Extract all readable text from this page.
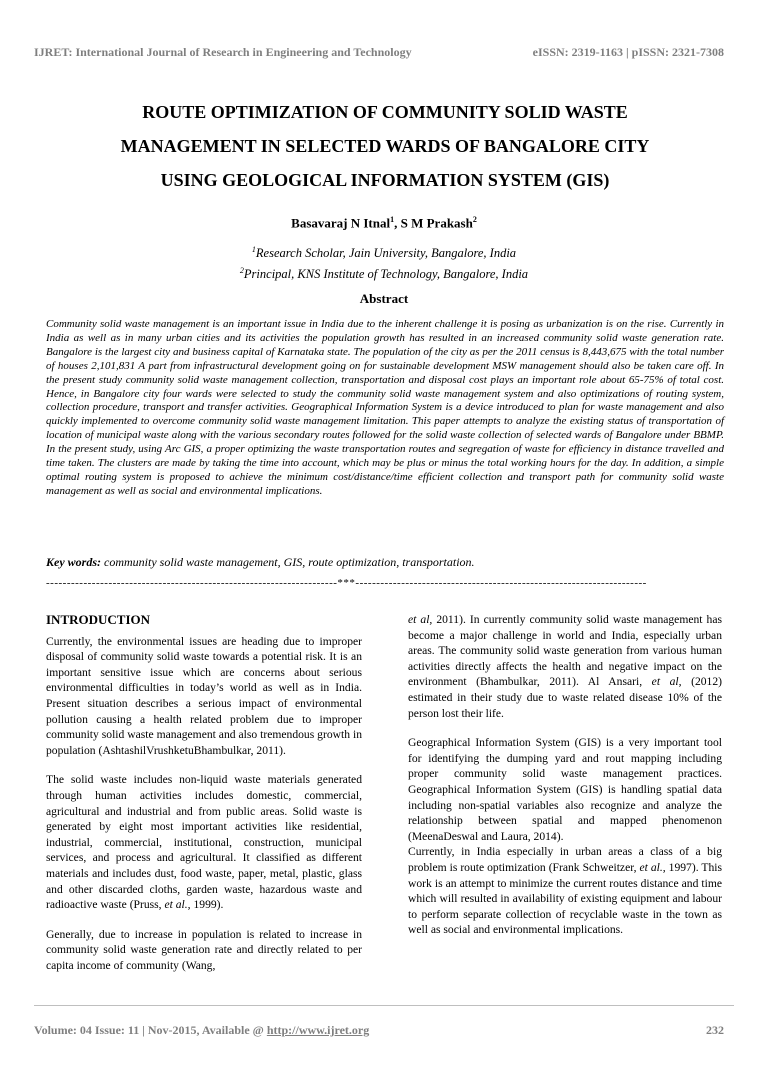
IJRET: International Journal of Research in Engineering and Technology	eISSN: 2319-1163 | pISSN: 2321-7308
ROUTE OPTIMIZATION OF COMMUNITY SOLID WASTE
MANAGEMENT IN SELECTED WARDS OF BANGALORE CITY
USING GEOLOGICAL INFORMATION SYSTEM (GIS)
Basavaraj N Itnal$^1$, S M Prakash$^2$
$^1$Research Scholar, Jain University, Bangalore, India
$^2$Principal, KNS Institute of Technology, Bangalore, India
Abstract
Community solid waste management is an important issue in India due to the inherent challenge it is posing as urbanization is on the rise. Currently in India as well as in many urban cities and its activities the population growth has resulted in an increased community solid waste generation rate. Bangalore is the largest city and business capital of Karnataka state. The population of the city as per the 2011 census is 8,443,675 with the total number of houses 2,101,831 A part from infrastructural development going on for sustainable development MSW management should also be taken care off. In the present study community solid waste management collection, transportation and disposal cost plays an important role about 65-75% of total cost. Hence, in Bangalore city four wards were selected to study the community solid waste management system and also optimizations of routing system, collection procedure, transport and transfer activities. Geographical Information System is a device introduced to plan for waste management and also quickly implemented to overcome community solid waste management limitation. This paper attempts to analyze the existing status of transportation of location of municipal waste along with the various secondary routes followed for the solid waste collection of selected wards of Bangalore under BBMP. In the present study, using Arc GIS, a proper optimizing the waste transportation routes and segregation of waste for efficiency in distance travelled and time taken. The clusters are made by taking the time into account, which may be plus or minus the total working hours for the day. In addition, a simple optimal routing system is proposed to achieve the minimum cost/distance/time efficient collection and transport path for community solid waste management as well as social and environmental implications.
Key words: community solid waste management, GIS, route optimization, transportation.
----------------------------------------------------------------------***----------------------------------------------------------------------
INTRODUCTION

Currently, the environmental issues are heading due to improper disposal of community solid waste towards a potential risk. It is an important sensitive issue which are concerns about serious environmental difficulties in today’s world as well as in India. Present situation describes a serious impact of environmental pollution causing a health related problem due to improper community solid waste management and also tremendous growth in population (AshtashilVrushketuBhambulkar, 2011).

The solid waste includes non-liquid waste materials generated through human activities includes domestic, commercial, agricultural and industrial and from public areas. Solid waste is generated by eight most important activities like residential, industrial, commercial, institutional, construction, municipal services, and process and agricultural. It classified as different materials and includes dust, food waste, paper, metal, plastic, glass and other discarded cloths, garden waste, hazardous waste and radioactive waste (Pruss, et al., 1999).

Generally, due to increase in population is related to increase in community solid waste generation rate and directly related to per capita income of community (Wang,

et al, 2011). In currently community solid waste management has become a major challenge in world and India, especially urban areas. The community solid waste generation from various human activities directly affects the health and negative impact on the environment (Bhambulkar, 2011). Al Ansari, et al, (2012) estimated in their study due to waste related disease 10% of the person lost their life.

Geographical Information System (GIS) is a very important tool for identifying the dumping yard and rout mapping including proper community solid waste management practices. Geographical Information System (GIS) is handling spatial data including non-spatial variables also recognize and analyze the relationship between spatial and mapped phenomenon (MeenaDeswal and Laura, 2014).

Currently, in India especially in urban areas a class of a big problem is route optimization (Frank Schweitzer, et al., 1997). This work is an attempt to minimize the current routes distance and time which will resulted in availability of existing equipment and labour to perform separate collection of recyclable waste in the town as well as social and environmental implications.

Volume: 04 Issue: 11 | Nov-2015, Available @ http://www.ijret.org	232
